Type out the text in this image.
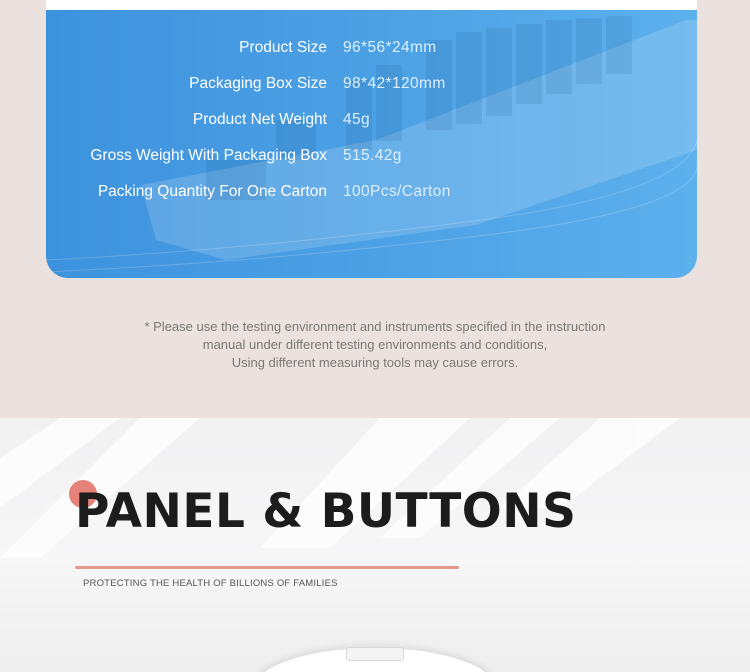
Product Size 96*56*24mm
Packaging Box Size 98*42*120mm
Product Net Weight 45g
Gross Weight With Packaging Box 515.42g
Packing Quantity For One Carton 100Pcs/Carton
* Please use the testing environment and instruments specified in the instruction
manual under different testing environments and conditions,
Using different measuring tools may cause errors.
PANEL & BUTTONS
PROTECTING THE HEALTH OF BILLIONS OF FAMILIES
